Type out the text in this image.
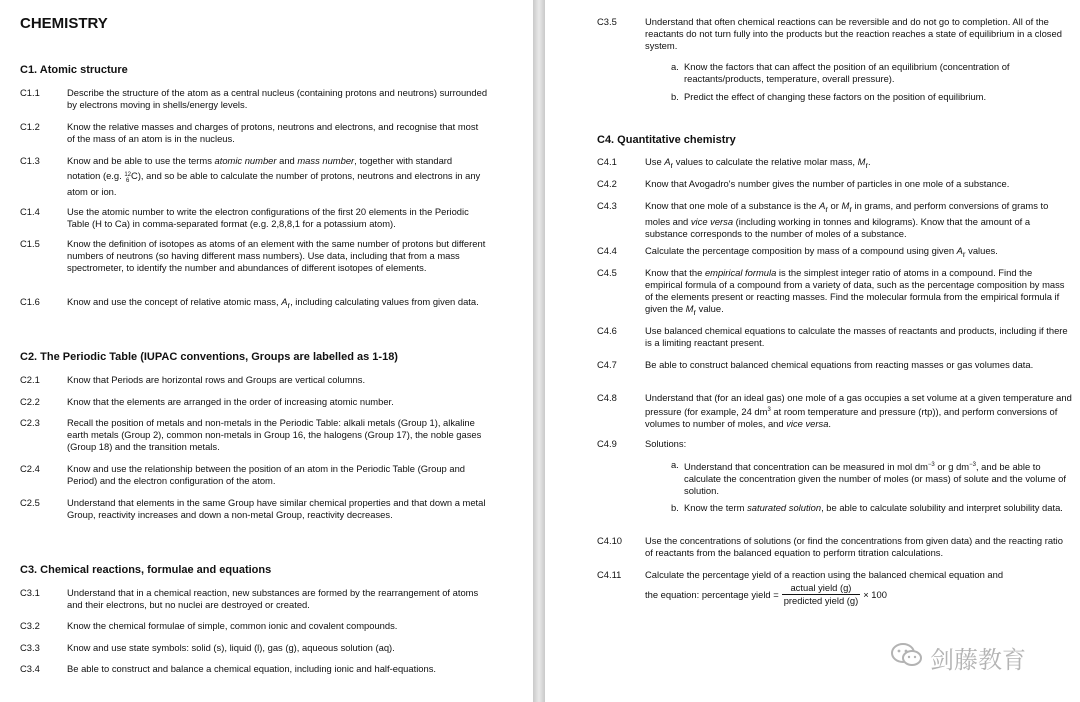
CHEMISTRY
C1. Atomic structure
C1.1	Describe the structure of the atom as a central nucleus (containing protons and neutrons) surrounded by electrons moving in shells/energy levels.
C1.2	Know the relative masses and charges of protons, neutrons and electrons, and recognise that most of the mass of an atom is in the nucleus.
C1.3	Know and be able to use the terms atomic number and mass number, together with standard notation (e.g. 12
6 C), and so be able to calculate the number of protons, neutrons and electrons in any atom or ion.
C1.4	Use the atomic number to write the electron configurations of the first 20 elements in the Periodic Table (H to Ca) in comma-separated format (e.g. 2,8,8,1 for a potassium atom).
C1.5	Know the definition of isotopes as atoms of an element with the same number of protons but different numbers of neutrons (so having different mass numbers). Use data, including that from a mass spectrometer, to identify the number and abundances of different isotopes of elements.
C1.6	Know and use the concept of relative atomic mass, $A_r$, including calculating values from given data.
C2. The Periodic Table (IUPAC conventions, Groups are labelled as 1-18)
C2.1	Know that Periods are horizontal rows and Groups are vertical columns.
C2.2	Know that the elements are arranged in the order of increasing atomic number.
C2.3	Recall the position of metals and non-metals in the Periodic Table: alkali metals (Group 1), alkaline earth metals (Group 2), common non-metals in Group 16, the halogens (Group 17), the noble gases (Group 18) and the transition metals.
C2.4	Know and use the relationship between the position of an atom in the Periodic Table (Group and Period) and the electron configuration of the atom.
C2.5	Understand that elements in the same Group have similar chemical properties and that down a metal Group, reactivity increases and down a non-metal Group, reactivity decreases.
C3. Chemical reactions, formulae and equations
C3.1	Understand that in a chemical reaction, new substances are formed by the rearrangement of atoms and their electrons, but no nuclei are destroyed or created.
C3.2	Know the chemical formulae of simple, common ionic and covalent compounds.
C3.3	Know and use state symbols: solid (s), liquid (l), gas (g), aqueous solution (aq).
C3.4	Be able to construct and balance a chemical equation, including ionic and half-equations.
C3.5	Understand that often chemical reactions can be reversible and do not go to completion. All of the reactants do not turn fully into the products but the reaction reaches a state of equilibrium in a closed system.
a. Know the factors that can affect the position of an equilibrium (concentration of reactants/products, temperature, overall pressure).
b. Predict the effect of changing these factors on the position of equilibrium.
C4. Quantitative chemistry
C4.1	Use $A_r$ values to calculate the relative molar mass, $M_r$.
C4.2	Know that Avogadro's number gives the number of particles in one mole of a substance.
C4.3	Know that one mole of a substance is the $A_r$ or $M_r$ in grams, and perform conversions of grams to moles and vice versa (including working in tonnes and kilograms). Know that the amount of a substance corresponds to the number of moles of a substance.
C4.4	Calculate the percentage composition by mass of a compound using given $A_r$ values.
C4.5	Know that the empirical formula is the simplest integer ratio of atoms in a compound. Find the empirical formula of a compound from a variety of data, such as the percentage composition by mass of the elements present or reacting masses. Find the molecular formula from the empirical formula if given the $M_r$ value.
C4.6	Use balanced chemical equations to calculate the masses of reactants and products, including if there is a limiting reactant present.
C4.7	Be able to construct balanced chemical equations from reacting masses or gas volumes data.
C4.8	Understand that (for an ideal gas) one mole of a gas occupies a set volume at a given temperature and pressure (for example, 24 $dm^3$ at room temperature and pressure (rtp)), and perform conversions of volumes to number of moles, and vice versa.
C4.9	Solutions:
a. Understand that concentration can be measured in mol $dm^{-3}$ or g $dm^{-3}$, and be able to calculate the concentration given the number of moles (or mass) of solute and the volume of solution.
b. Know the term saturated solution, be able to calculate solubility and interpret solubility data.
C4.10 Use the concentrations of solutions (or find the concentrations from given data) and the reacting ratio of reactants from the balanced equation to perform titration calculations.
C4.11	Calculate the percentage yield of a reaction using the balanced chemical equation and
the equation: percentage yield = $\frac{\text{actual yield (g)}}{\text{predicted yield (g)}} \times 100$
剑藤教育
